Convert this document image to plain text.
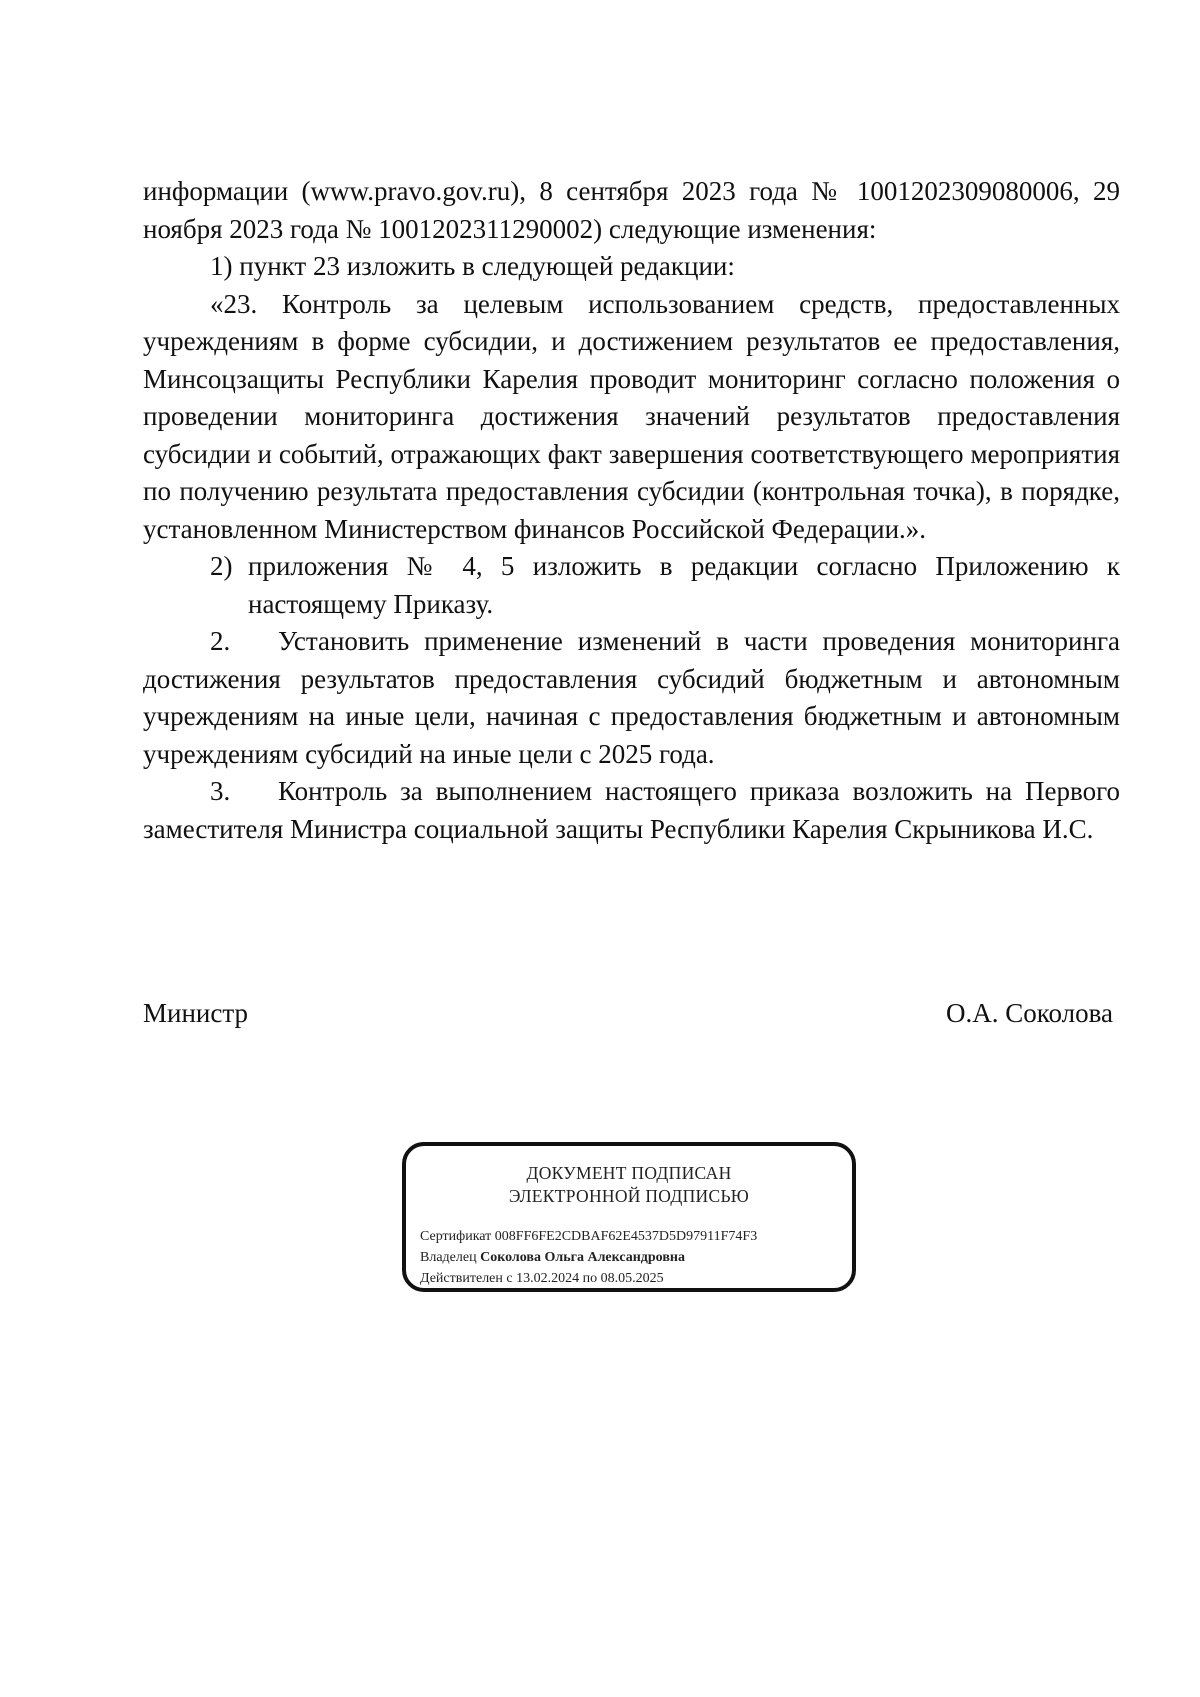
информации (www.pravo.gov.ru), 8 сентября 2023 года № 1001202309080006, 29 ноября 2023 года № 1001202311290002) следующие изменения:

1) пункт 23 изложить в следующей редакции:

«23. Контроль за целевым использованием средств, предоставленных учреждениям в форме субсидии, и достижением результатов ее предоставления, Минсоцзащиты Республики Карелия проводит мониторинг согласно положения о проведении мониторинга достижения значений результатов предоставления субсидии и событий, отражающих факт завершения соответствующего мероприятия по получению результата предоставления субсидии (контрольная точка), в порядке, установленном Министерством финансов Российской Федерации.».

2) приложения № 4, 5 изложить в редакции согласно Приложению к настоящему Приказу.

2. Установить применение изменений в части проведения мониторинга достижения результатов предоставления субсидий бюджетным и автономным учреждениям на иные цели, начиная с предоставления бюджетным и автономным учреждениям субсидий на иные цели с 2025 года.

3. Контроль за выполнением настоящего приказа возложить на Первого заместителя Министра социальной защиты Республики Карелия Скрыникова И.С.

Министр	О.А. Соколова
ДОКУМЕНТ ПОДПИСАН
ЭЛЕКТРОННОЙ ПОДПИСЬЮ
Сертификат 008FF6FE2CDBAF62E4537D5D97911F74F3
Владелец Соколова Ольга Александровна
Действителен с 13.02.2024 по 08.05.2025
